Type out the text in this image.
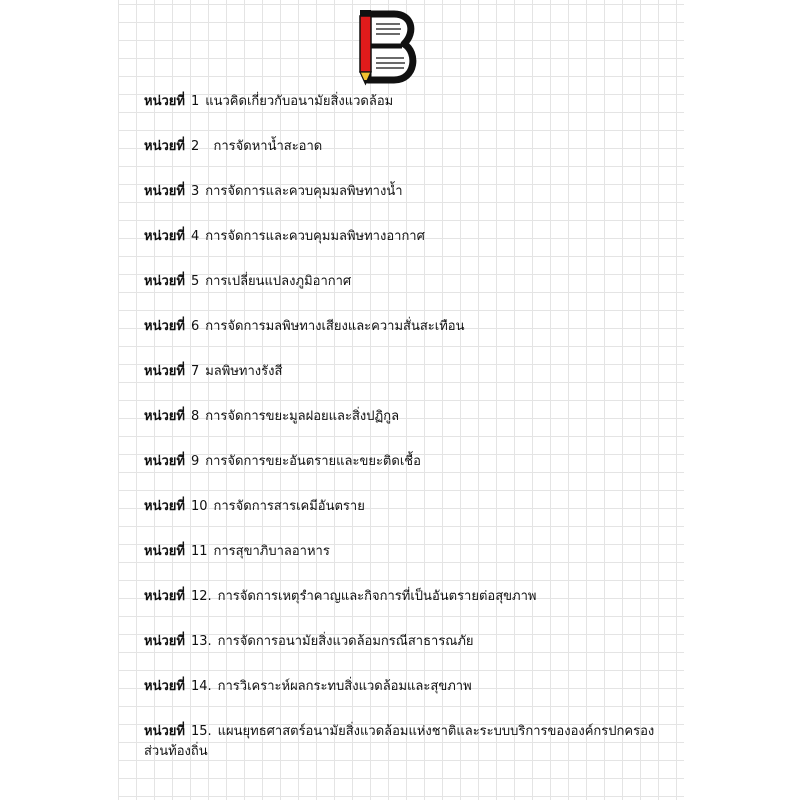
หน่วยที่ 1 แนวคิดเกี่ยวกับอนามัยสิ่งแวดล้อม
หน่วยที่ 2  การจัดหาน้ำสะอาด
หน่วยที่ 3 การจัดการและควบคุมมลพิษทางน้ำ
หน่วยที่ 4 การจัดการและควบคุมมลพิษทางอากาศ
หน่วยที่ 5 การเปลี่ยนแปลงภูมิอากาศ
หน่วยที่ 6 การจัดการมลพิษทางเสียงและความสั่นสะเทือน
หน่วยที่ 7 มลพิษทางรังสี
หน่วยที่ 8 การจัดการขยะมูลฝอยและสิ่งปฏิกูล
หน่วยที่ 9 การจัดการขยะอันตรายและขยะติดเชื้อ
หน่วยที่ 10 การจัดการสารเคมีอันตราย
หน่วยที่ 11 การสุขาภิบาลอาหาร
หน่วยที่ 12. การจัดการเหตุรำคาญและกิจการที่เป็นอันตรายต่อสุขภาพ
หน่วยที่ 13. การจัดการอนามัยสิ่งแวดล้อมกรณีสาธารณภัย
หน่วยที่ 14. การวิเคราะห์ผลกระทบสิ่งแวดล้อมและสุขภาพ
หน่วยที่ 15. แผนยุทธศาสตร์อนามัยสิ่งแวดล้อมแห่งชาติและระบบบริการขององค์กรปกครองส่วนท้องถิ่น
